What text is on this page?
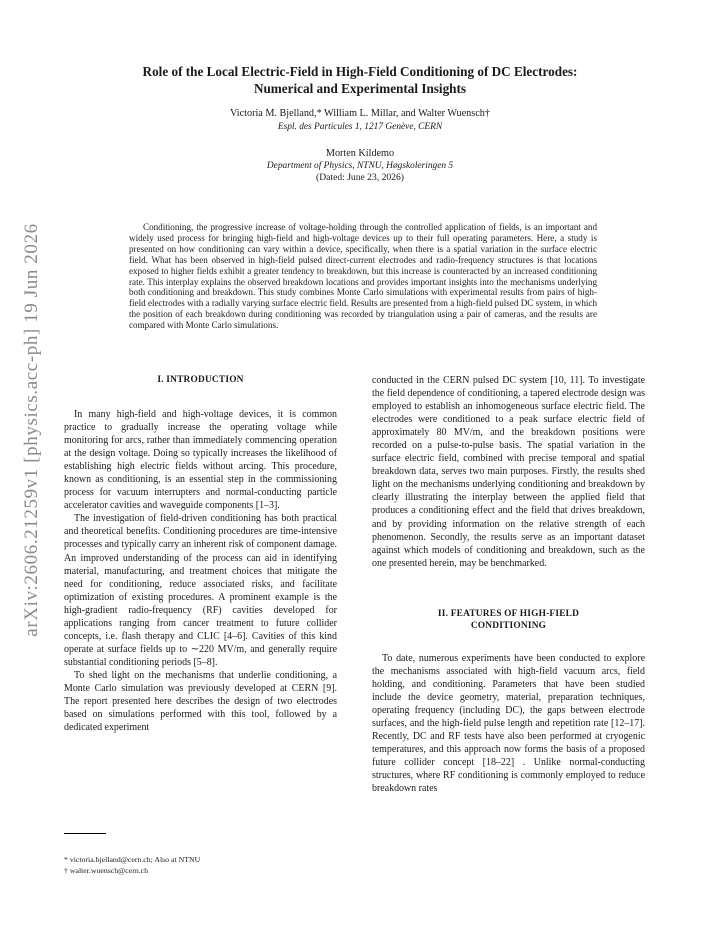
arXiv:2606.21259v1 [physics.acc-ph] 19 Jun 2026
Role of the Local Electric-Field in High-Field Conditioning of DC Electrodes:
Numerical and Experimental Insights
Victoria M. Bjelland,* William L. Millar, and Walter Wuensch†
Espl. des Particules 1, 1217 Genève, CERN
Morten Kildemo
Department of Physics, NTNU, Høgskoleringen 5
(Dated: June 23, 2026)

Conditioning, the progressive increase of voltage-holding through the controlled application of fields, is an important and widely used process for bringing high-field and high-voltage devices up to their full operating parameters. Here, a study is presented on how conditioning can vary within a device, specifically, when there is a spatial variation in the surface electric field. What has been observed in high-field pulsed direct-current electrodes and radio-frequency structures is that locations exposed to higher fields exhibit a greater tendency to breakdown, but this increase is counteracted by an increased conditioning rate. This interplay explains the observed breakdown locations and provides important insights into the mechanisms underlying both conditioning and breakdown. This study combines Monte Carlo simulations with experimental results from pairs of high-field electrodes with a radially varying surface electric field. Results are presented from a high-field pulsed DC system, in which the position of each breakdown during conditioning was recorded by triangulation using a pair of cameras, and the results are compared with Monte Carlo simulations.

I. INTRODUCTION

In many high-field and high-voltage devices, it is common practice to gradually increase the operating voltage while monitoring for arcs, rather than immediately commencing operation at the design voltage. Doing so typically increases the likelihood of establishing high electric fields without arcing. This procedure, known as conditioning, is an essential step in the commissioning process for vacuum interrupters and normal-conducting particle accelerator cavities and waveguide components [1–3].

The investigation of field-driven conditioning has both practical and theoretical benefits. Conditioning procedures are time-intensive processes and typically carry an inherent risk of component damage. An improved understanding of the process can aid in identifying material, manufacturing, and treatment choices that mitigate the need for conditioning, reduce associated risks, and facilitate optimization of existing procedures. A prominent example is the high-gradient radio-frequency (RF) cavities developed for applications ranging from cancer treatment to future collider concepts, i.e. flash therapy and CLIC [4–6]. Cavities of this kind operate at surface fields up to ∼220 MV/m, and generally require substantial conditioning periods [5–8].

To shed light on the mechanisms that underlie conditioning, a Monte Carlo simulation was previously developed at CERN [9]. The report presented here describes the design of two electrodes based on simulations performed with this tool, followed by a dedicated experiment

conducted in the CERN pulsed DC system [10, 11]. To investigate the field dependence of conditioning, a tapered electrode design was employed to establish an inhomogeneous surface electric field. The electrodes were conditioned to a peak surface electric field of approximately 80 MV/m, and the breakdown positions were recorded on a pulse-to-pulse basis. The spatial variation in the surface electric field, combined with precise temporal and spatial breakdown data, serves two main purposes. Firstly, the results shed light on the mechanisms underlying conditioning and breakdown by clearly illustrating the interplay between the applied field that produces a conditioning effect and the field that drives breakdown, and by providing information on the relative strength of each phenomenon. Secondly, the results serve as an important dataset against which models of conditioning and breakdown, such as the one presented herein, may be benchmarked.

II. FEATURES OF HIGH-FIELD
CONDITIONING

To date, numerous experiments have been conducted to explore the mechanisms associated with high-field vacuum arcs, field holding, and conditioning. Parameters that have been studied include the device geometry, material, preparation techniques, operating frequency (including DC), the gaps between electrode surfaces, and the high-field pulse length and repetition rate [12–17]. Recently, DC and RF tests have also been performed at cryogenic temperatures, and this approach now forms the basis of a proposed future collider concept [18–22] . Unlike normal-conducting structures, where RF conditioning is commonly employed to reduce breakdown rates

* victoria.bjelland@cern.ch; Also at NTNU
† walter.wuensch@cern.ch
